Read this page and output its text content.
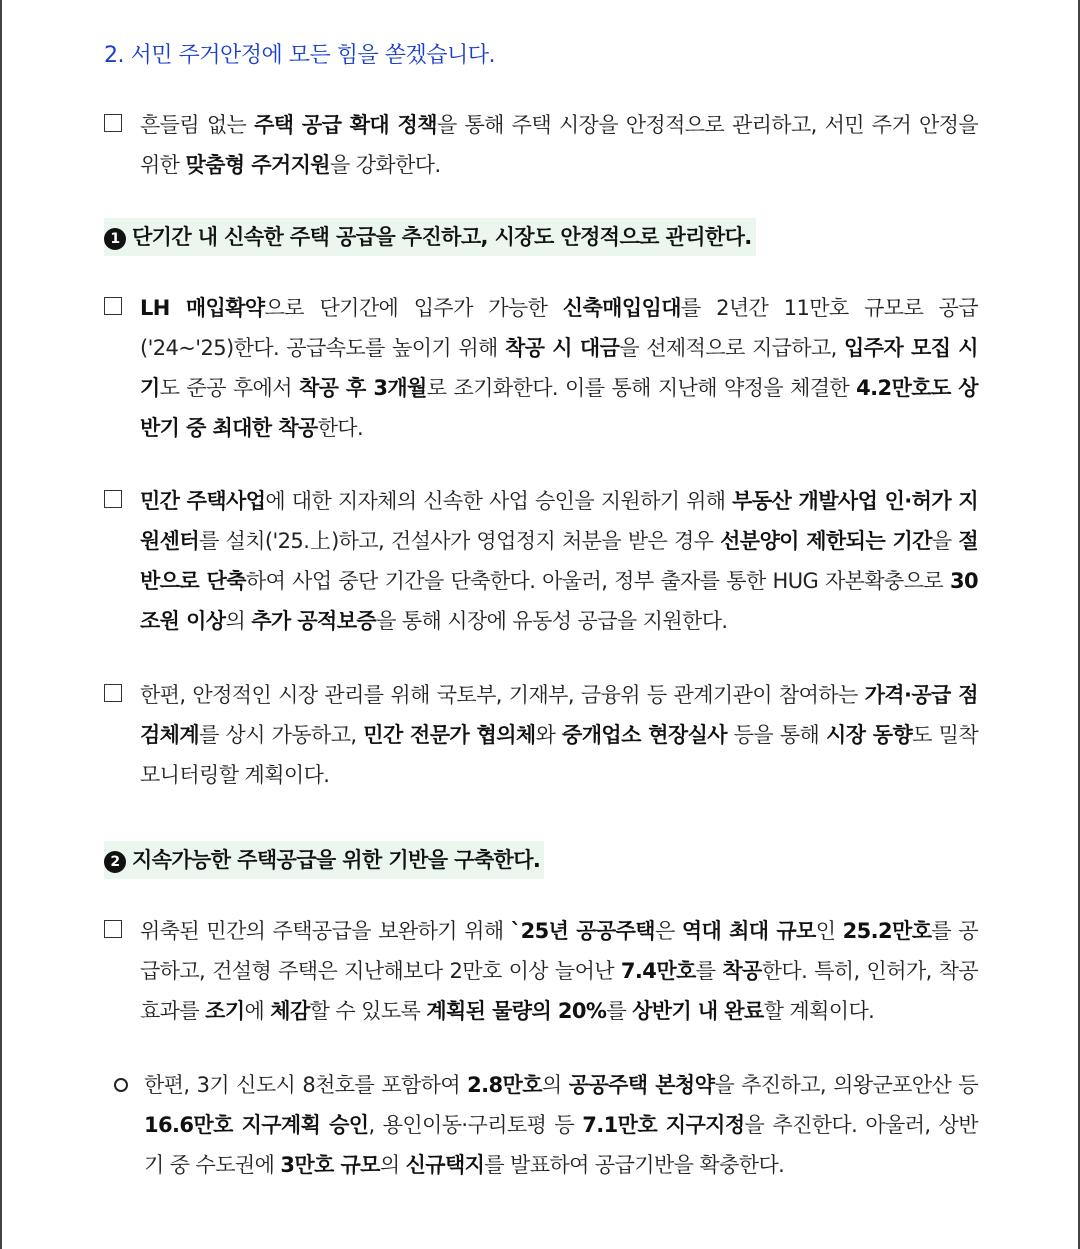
2. 서민 주거안정에 모든 힘을 쏟겠습니다.
흔들림 없는 주택 공급 확대 정책을 통해 주택 시장을 안정적으로 관리하고, 서민 주거 안정을 위한 맞춤형 주거지원을 강화한다.
1 단기간 내 신속한 주택 공급을 추진하고, 시장도 안정적으로 관리한다.
LH 매입확약으로 단기간에 입주가 가능한 신축매입임대를 2년간 11만호 규모로 공급('24~'25)한다. 공급속도를 높이기 위해 착공 시 대금을 선제적으로 지급하고, 입주자 모집 시기도 준공 후에서 착공 후 3개월로 조기화한다. 이를 통해 지난해 약정을 체결한 4.2만호도 상반기 중 최대한 착공한다.
민간 주택사업에 대한 지자체의 신속한 사업 승인을 지원하기 위해 부동산 개발사업 인·허가 지원센터를 설치('25.上)하고, 건설사가 영업정지 처분을 받은 경우 선분양이 제한되는 기간을 절반으로 단축하여 사업 중단 기간을 단축한다. 아울러, 정부 출자를 통한 HUG 자본확충으로 30조원 이상의 추가 공적보증을 통해 시장에 유동성 공급을 지원한다.
한편, 안정적인 시장 관리를 위해 국토부, 기재부, 금융위 등 관계기관이 참여하는 가격·공급 점검체계를 상시 가동하고, 민간 전문가 협의체와 중개업소 현장실사 등을 통해 시장 동향도 밀착 모니터링할 계획이다.
2 지속가능한 주택공급을 위한 기반을 구축한다.
위축된 민간의 주택공급을 보완하기 위해 `25년 공공주택은 역대 최대 규모인 25.2만호를 공급하고, 건설형 주택은 지난해보다 2만호 이상 늘어난 7.4만호를 착공한다. 특히, 인허가, 착공 효과를 조기에 체감할 수 있도록 계획된 물량의 20%를 상반기 내 완료할 계획이다.
한편, 3기 신도시 8천호를 포함하여 2.8만호의 공공주택 본청약을 추진하고, 의왕군포안산 등 16.6만호 지구계획 승인, 용인이동·구리토평 등 7.1만호 지구지정을 추진한다. 아울러, 상반기 중 수도권에 3만호 규모의 신규택지를 발표하여 공급기반을 확충한다.
